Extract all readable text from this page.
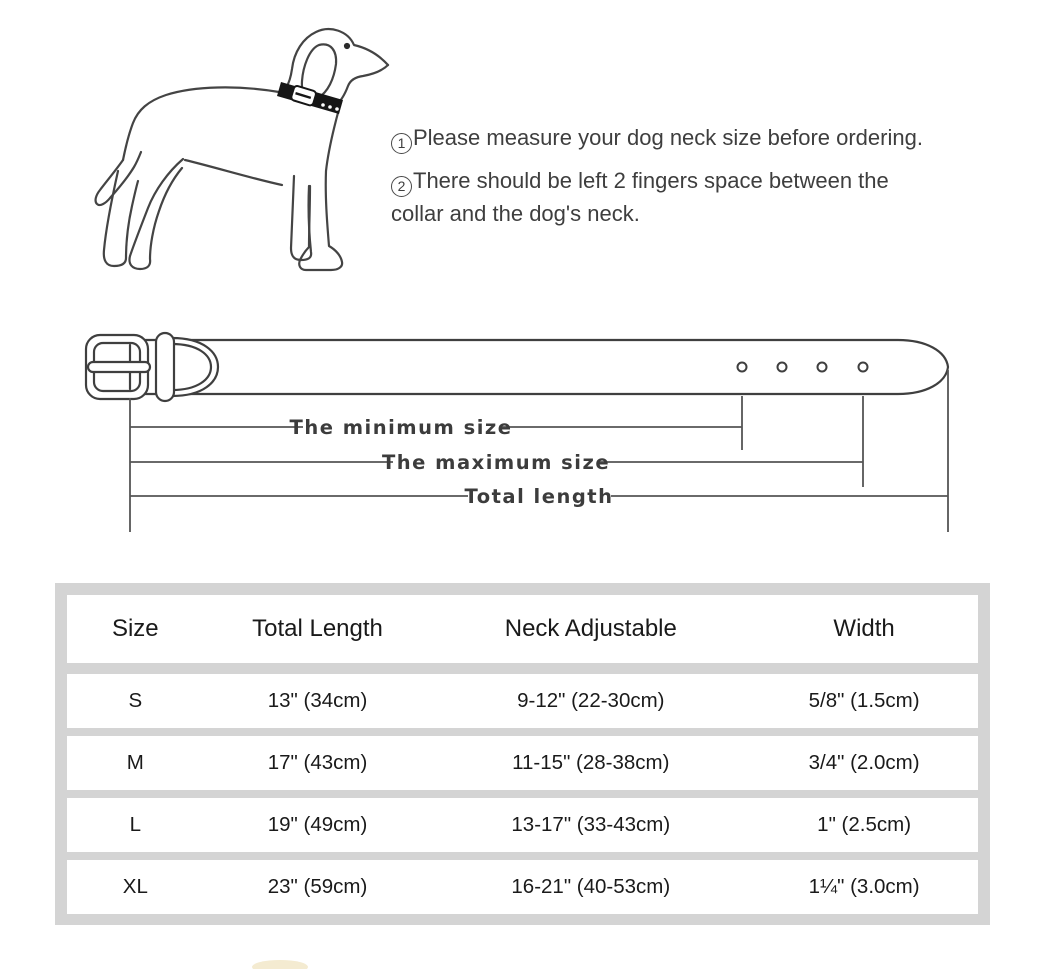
1 Please measure your dog neck size before ordering.
2 There should be left 2 fingers space between the
collar and the dog's neck.
The minimum size
The maximum size
Total length
Size	Total Length	Neck Adjustable	Width
S	13" (34cm)	9-12" (22-30cm)	5/8" (1.5cm)
M	17" (43cm)	11-15" (28-38cm)	3/4" (2.0cm)
L	19" (49cm)	13-17" (33-43cm)	1" (2.5cm)
XL	23" (59cm)	16-21" (40-53cm)	1¼" (3.0cm)
